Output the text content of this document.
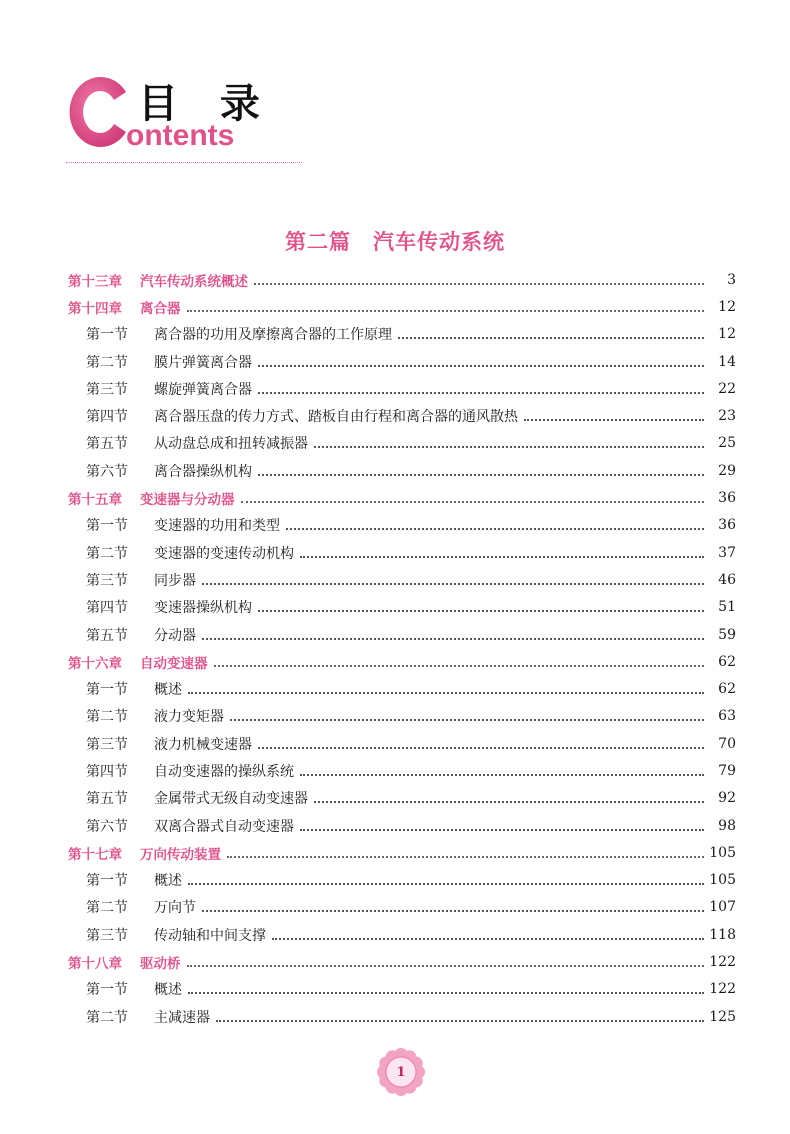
目 录
ontents
第二篇　汽车传动系统
第十三章	汽车传动系统概述	3
第十四章	离合器	12
第一节	离合器的功用及摩擦离合器的工作原理	12
第二节	膜片弹簧离合器	14
第三节	螺旋弹簧离合器	22
第四节	离合器压盘的传力方式、踏板自由行程和离合器的通风散热	23
第五节	从动盘总成和扭转减振器	25
第六节	离合器操纵机构	29
第十五章	变速器与分动器	36
第一节	变速器的功用和类型	36
第二节	变速器的变速传动机构	37
第三节	同步器	46
第四节	变速器操纵机构	51
第五节	分动器	59
第十六章	自动变速器	62
第一节	概述	62
第二节	液力变矩器	63
第三节	液力机械变速器	70
第四节	自动变速器的操纵系统	79
第五节	金属带式无级自动变速器	92
第六节	双离合器式自动变速器	98
第十七章	万向传动装置	105
第一节	概述	105
第二节	万向节	107
第三节	传动轴和中间支撑	118
第十八章	驱动桥	122
第一节	概述	122
第二节	主减速器	125
1
